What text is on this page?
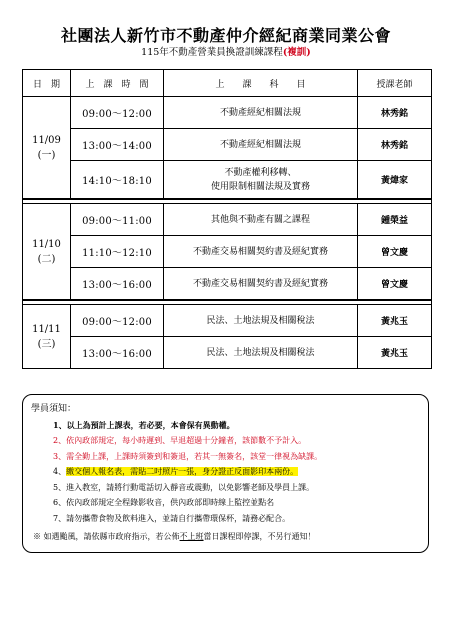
社團法人新竹市不動產仲介經紀商業同業公會
115年不動產營業員換證訓練課程(複訓)
日　期	上　課　時　間	上　　課　　科　　目	授課老師

11/09
(一)	09:00～12:00	不動產經紀相關法規	林秀銘
	13:00～14:00	不動產經紀相關法規	林秀銘
	14:10～18:10	不動產權利移轉、
使用限制相關法規及實務	黃煒家

11/10
(二)	09:00～11:00	其他與不動產有關之課程	鍾榮益
	11:10～12:10	不動產交易相關契約書及經紀實務	曾文慶
	13:00～16:00	不動產交易相關契約書及經紀實務	曾文慶

11/11
(三)	09:00～12:00	民法、土地法規及相關稅法	黃兆玉
	13:00～16:00	民法、土地法規及相關稅法	黃兆玉
學員須知：
1、以上為預計上課表，若必要，本會保有異動權。
2、依內政部規定，每小時遲到、早退超過十分鐘者，該節數不予計入。
3、需全勤上課，上課時須簽到和簽退，若其一無簽名，該堂一律視為缺課。
4、繳交個人報名表，需貼二吋照片一張，身分證正反面影印本兩份。
5、進入教室，請將行動電話切入靜音或震動，以免影響老師及學員上課。
6、依內政部規定全程錄影收音，供內政部即時線上監控並點名
7、請勿攜帶食物及飲料進入，並請自行攜帶環保杯，請務必配合。
※ 如遇颱風，請依縣市政府指示，若公佈不上班當日課程即停課，不另行通知！
